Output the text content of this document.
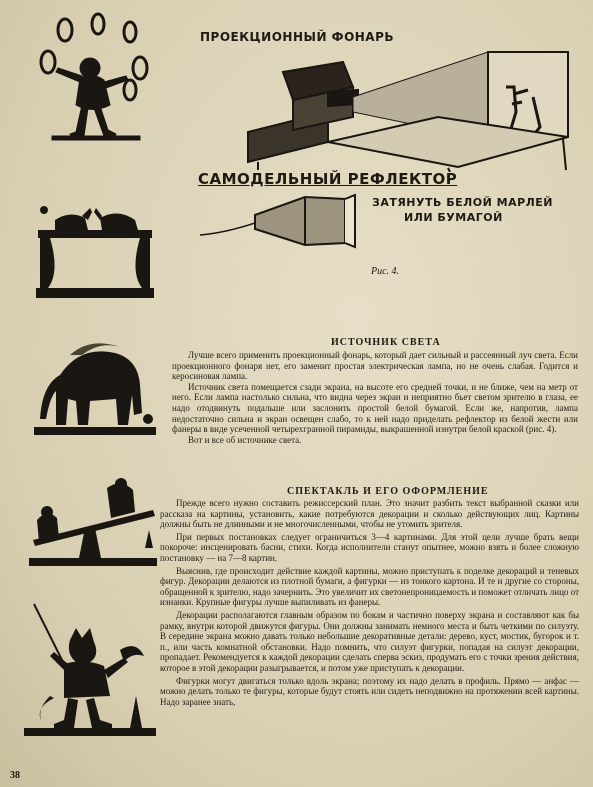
ПРОЕКЦИОННЫЙ ФОНАРЬ
САМОДЕЛЬНЫЙ РЕФЛЕКТОР
ЗАТЯНУТЬ БЕЛОЙ МАРЛЕЙ
ИЛИ БУМАГОЙ
Рис. 4.
ИСТОЧНИК СВЕТА

Лучше всего применить проекционный фонарь, который дает сильный и рассеянный луч света. Если проекционного фонаря нет, его заменит простая электрическая лампа, но не очень слабая. Годится и керосиновая лампа.

Источник света помещается сзади экрана, на высоте его средней точки, и не ближе, чем на метр от него. Если лампа настолько сильна, что видна через экран и неприятно бьет светом зрителю в глаза, ее надо отодвинуть подальше или заслонить простой белой бумагой. Если же, напротив, лампа недостаточно сильна и экран освещен слабо, то к ней надо приделать рефлектор из белой жести или фанеры в виде усеченной четырехгранной пирамиды, выкрашенной изнутри белой краской (рис. 4).

Вот и все об источнике света.

СПЕКТАКЛЬ И ЕГО ОФОРМЛЕНИЕ

Прежде всего нужно составить режиссерский план. Это значит разбить текст выбранной сказки или рассказа на картины, установить, какие потребуются декорации и сколько действующих лиц. Картины должны быть не длинными и не многочисленными, чтобы не утомить зрителя.

При первых постановках следует ограничиться 3—4 картинами. Для этой цели лучше брать вещи покороче: инсценировать басни, стихи. Когда исполнители станут опытнее, можно взять и более сложную постановку — на 7—8 картин.

Выяснив, где происходит действие каждой картины, можно приступать к поделке декораций и теневых фигур. Декорации делаются из плотной бумаги, а фигурки — из тонкого картона. И те и другие со стороны, обращенной к зрителю, надо зачернить. Это увеличит их светонепроницаемость и поможет отличать лицо от изнанки. Крупные фигуры лучше выпиливать из фанеры.

Декорации располагаются главным образом по бокам и частично поверху экрана и составляют как бы рамку, внутри которой движутся фигуры. Они должны занимать немного места и быть четкими по силуэту. В середине экрана можно давать только небольшие декоративные детали: дерево, куст, мостик, бугорок и т. п., или часть комнатной обстановки. Надо помнить, что силуэт фигурки, попадая на силуэт декорации, пропадает. Рекомендуется к каждой декорации сделать сперва эскиз, продумать его с точки зрения действия, которое в этой декорации разыгрывается, и потом уже приступать к декорации.

Фигурки могут двигаться только вдоль экрана; поэтому их надо делать в профиль. Прямо — анфас — можно делать только те фигуры, которые будут стоять или сидеть неподвижно на протяжении всей картины. Надо заранее знать,

38
